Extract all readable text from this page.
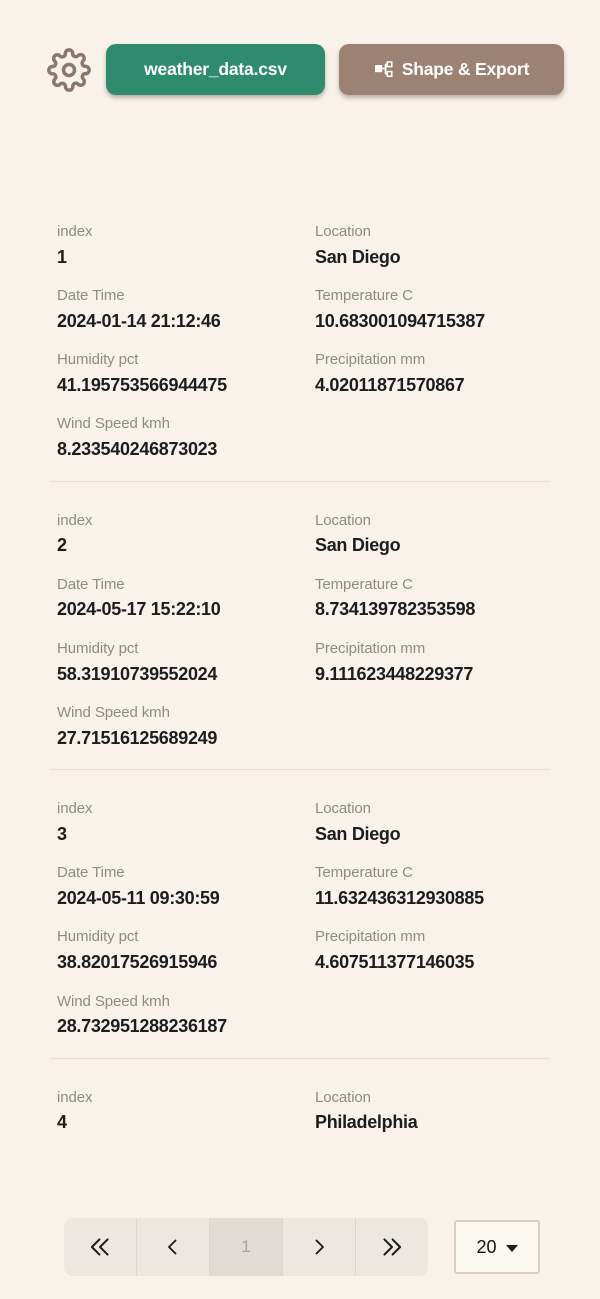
weather_data.csv	Shape & Export
index
1
Location
San Diego
Date Time
2024-01-14 21:12:46
Temperature C
10.683001094715387
Humidity pct
41.195753566944475
Precipitation mm
4.02011871570867
Wind Speed kmh
8.233540246873023
index
2
Location
San Diego
Date Time
2024-05-17 15:22:10
Temperature C
8.734139782353598
Humidity pct
58.31910739552024
Precipitation mm
9.111623448229377
Wind Speed kmh
27.71516125689249
index
3
Location
San Diego
Date Time
2024-05-11 09:30:59
Temperature C
11.632436312930885
Humidity pct
38.82017526915946
Precipitation mm
4.607511377146035
Wind Speed kmh
28.732951288236187
index
4
Location
Philadelphia
1	20
